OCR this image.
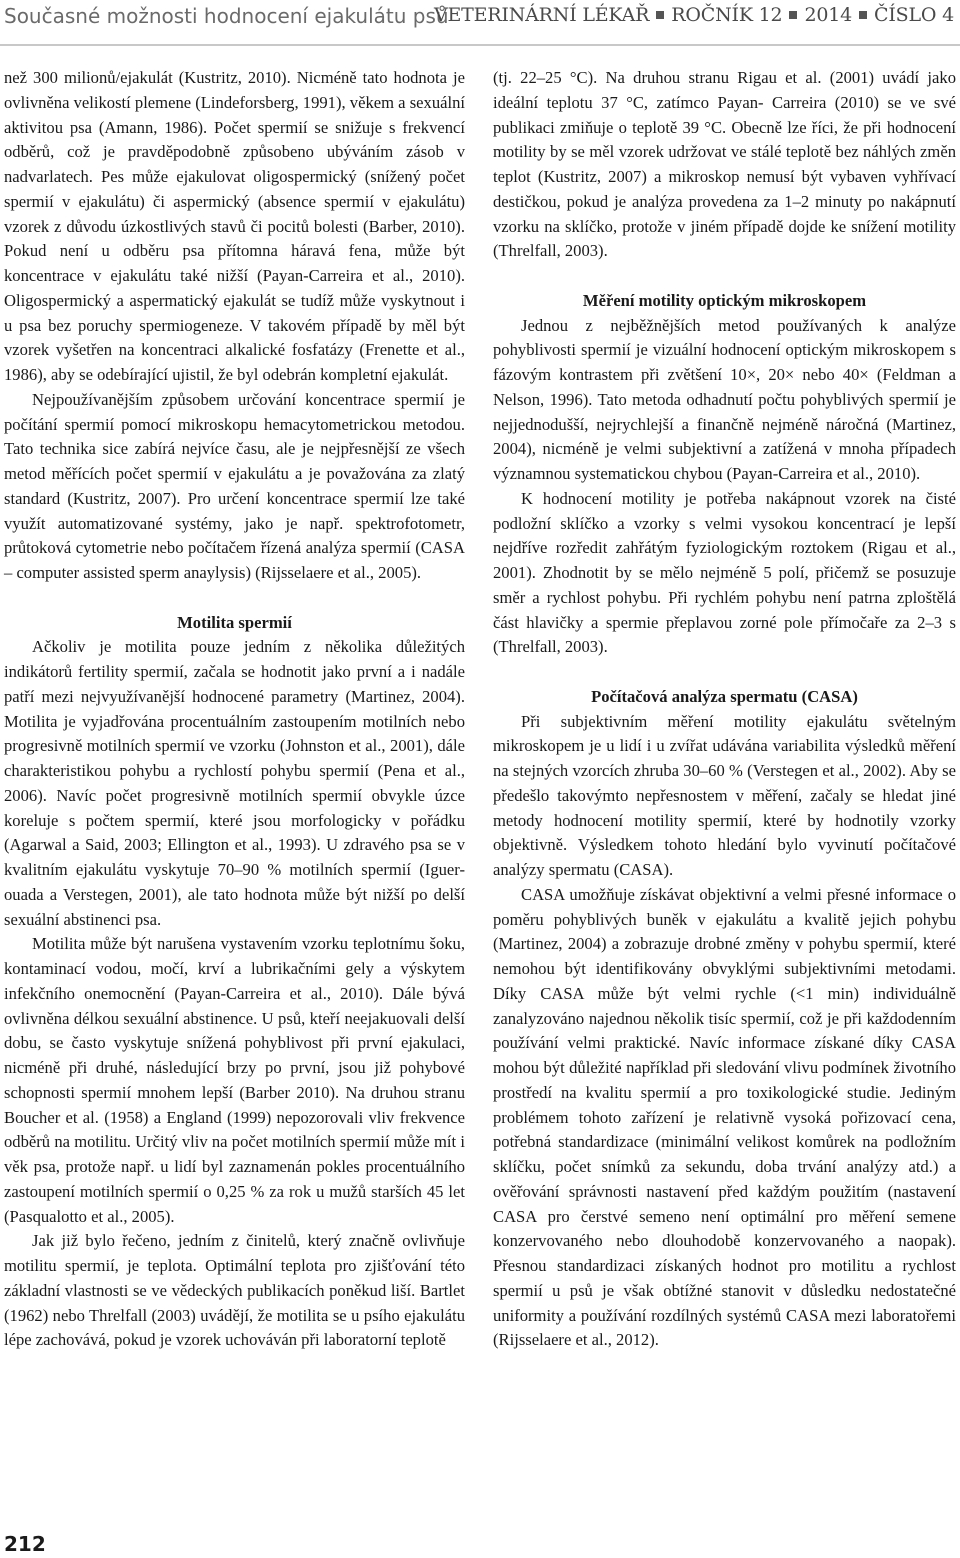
Současné možnosti hodnocení ejakulátu psů
VETERINÁRNÍ LÉKAŘ ROČNÍK 12 2014 ČÍSLO 4

než 300 milionů/ejakulát (Kustritz, 2010). Nicméně tato hodnota je ovlivněna velikostí plemene (Lindeforsberg, 1991), věkem a sexuální aktivitou psa (Amann, 1986). Počet spermií se snižuje s frekvencí odběrů, což je pravděpodobně způsobeno ubýváním zásob v nadvarlatech. Pes může ejakulovat oligospermický (snížený počet spermií v ejakulátu) či aspermický (absence spermií v ejakulátu) vzorek z důvodu úzkostlivých stavů či pocitů bolesti (Barber, 2010). Pokud není u odběru psa přítomna háravá fena, může být koncentrace v ejakulátu také nižší (Payan-Carreira et al., 2010). Oligospermický a aspermatický ejakulát se tudíž může vyskytnout i u psa bez poruchy spermiogeneze. V takovém případě by měl být vzorek vyšetřen na koncentraci alkalické fosfatázy (Frenette et al., 1986), aby se odebírající ujistil, že byl odebrán kompletní ejakulát.

Nejpoužívanějším způsobem určování koncentrace spermií je počítání spermií pomocí mikroskopu hemacytometrickou metodou. Tato technika sice zabírá nejvíce času, ale je nejpřesnější ze všech metod měřících počet spermií v ejakulátu a je považována za zlatý standard (Kustritz, 2007). Pro určení koncentrace spermií lze také využít automatizované systémy, jako je např. spektrofotometr, průtoková cytometrie nebo počítačem řízená analýza spermií (CASA – computer assisted sperm anaylysis) (Rijsselaere et al., 2005).

Motilita spermií

Ačkoliv je motilita pouze jedním z několika důležitých indikátorů fertility spermií, začala se hodnotit jako první a i nadále patří mezi nejvyužívanější hodnocené parametry (Martinez, 2004). Motilita je vyjadřována procentuálním zastoupením motilních nebo progresivně motilních spermií ve vzorku (Johnston et al., 2001), dále charakteristikou pohybu a rychlostí pohybu spermií (Pena et al., 2006). Navíc počet progresivně motilních spermií obvykle úzce koreluje s počtem spermií, které jsou morfologicky v pořádku (Agarwal a Said, 2003; Ellington et al., 1993). U zdravého psa se v kvalitním ejakulátu vyskytuje 70–90 % motilních spermií (Iguer-ouada a Verstegen, 2001), ale tato hodnota může být nižší po delší sexuální abstinenci psa.

Motilita může být narušena vystavením vzorku teplotnímu šoku, kontaminací vodou, močí, krví a lubrikačními gely a výskytem infekčního onemocnění (Payan-Carreira et al., 2010). Dále bývá ovlivněna délkou sexuální abstinence. U psů, kteří neejakuovali delší dobu, se často vyskytuje snížená pohyblivost při první ejakulaci, nicméně při druhé, následující brzy po první, jsou již pohybové schopnosti spermií mnohem lepší (Barber 2010). Na druhou stranu Boucher et al. (1958) a England (1999) nepozorovali vliv frekvence odběrů na motilitu. Určitý vliv na počet motilních spermií může mít i věk psa, protože např. u lidí byl zaznamenán pokles procentuálního zastoupení motilních spermií o 0,25 % za rok u mužů starších 45 let (Pasqualotto et al., 2005).

Jak již bylo řečeno, jedním z činitelů, který značně ovlivňuje motilitu spermií, je teplota. Optimální teplota pro zjišťování této základní vlastnosti se ve vědeckých publikacích poněkud liší. Bartlet (1962) nebo Threlfall (2003) uvádějí, že motilita se u psího ejakulátu lépe zachovává, pokud je vzorek uchováván při laboratorní teplotě

(tj. 22–25 °C). Na druhou stranu Rigau et al. (2001) uvádí jako ideální teplotu 37 °C, zatímco Payan- Carreira (2010) se ve své publikaci zmiňuje o teplotě 39 °C. Obecně lze říci, že při hodnocení motility by se měl vzorek udržovat ve stálé teplotě bez náhlých změn teplot (Kustritz, 2007) a mikroskop nemusí být vybaven vyhřívací destičkou, pokud je analýza provedena za 1–2 minuty po nakápnutí vzorku na sklíčko, protože v jiném případě dojde ke snížení motility (Threlfall, 2003).

Měření motility optickým mikroskopem

Jednou z nejběžnějších metod používaných k analýze pohyblivosti spermií je vizuální hodnocení optickým mikroskopem s fázovým kontrastem při zvětšení 10×, 20× nebo 40× (Feldman a Nelson, 1996). Tato metoda odhadnutí počtu pohyblivých spermií je nejjednodušší, nejrychlejší a finančně nejméně náročná (Martinez, 2004), nicméně je velmi subjektivní a zatížená v mnoha případech významnou systematickou chybou (Payan-Carreira et al., 2010).

K hodnocení motility je potřeba nakápnout vzorek na čisté podložní sklíčko a vzorky s velmi vysokou koncentrací je lepší nejdříve rozředit zahřátým fyziologickým roztokem (Rigau et al., 2001). Zhodnotit by se mělo nejméně 5 polí, přičemž se posuzuje směr a rychlost pohybu. Při rychlém pohybu není patrna zploštělá část hlavičky a spermie přeplavou zorné pole přímočaře za 2–3 s (Threlfall, 2003).

Počítačová analýza spermatu (CASA)

Při subjektivním měření motility ejakulátu světelným mikroskopem je u lidí i u zvířat udávána variabilita výsledků měření na stejných vzorcích zhruba 30–60 % (Verstegen et al., 2002). Aby se předešlo takovýmto nepřesnostem v měření, začaly se hledat jiné metody hodnocení motility spermií, které by hodnotily vzorky objektivně. Výsledkem tohoto hledání bylo vyvinutí počítačové analýzy spermatu (CASA).

CASA umožňuje získávat objektivní a velmi přesné informace o poměru pohyblivých buněk v ejakulátu a kvalitě jejich pohybu (Martinez, 2004) a zobrazuje drobné změny v pohybu spermií, které nemohou být identifikovány obvyklými subjektivními metodami. Díky CASA může být velmi rychle (<1 min) individuálně zanalyzováno najednou několik tisíc spermií, což je při každodenním používání velmi praktické. Navíc informace získané díky CASA mohou být důležité například při sledování vlivu podmínek životního prostředí na kvalitu spermií a pro toxikologické studie. Jediným problémem tohoto zařízení je relativně vysoká pořizovací cena, potřebná standardizace (minimální velikost komůrek na podložním sklíčku, počet snímků za sekundu, doba trvání analýzy atd.) a ověřování správnosti nastavení před každým použitím (nastavení CASA pro čerstvé semeno není optimální pro měření semene konzervovaného nebo dlouhodobě konzervovaného a naopak). Přesnou standardizaci získaných hodnot pro motilitu a rychlost spermií u psů je však obtížné stanovit v důsledku nedostatečné uniformity a používání rozdílných systémů CASA mezi laboratořemi (Rijsselaere et al., 2012).

212
